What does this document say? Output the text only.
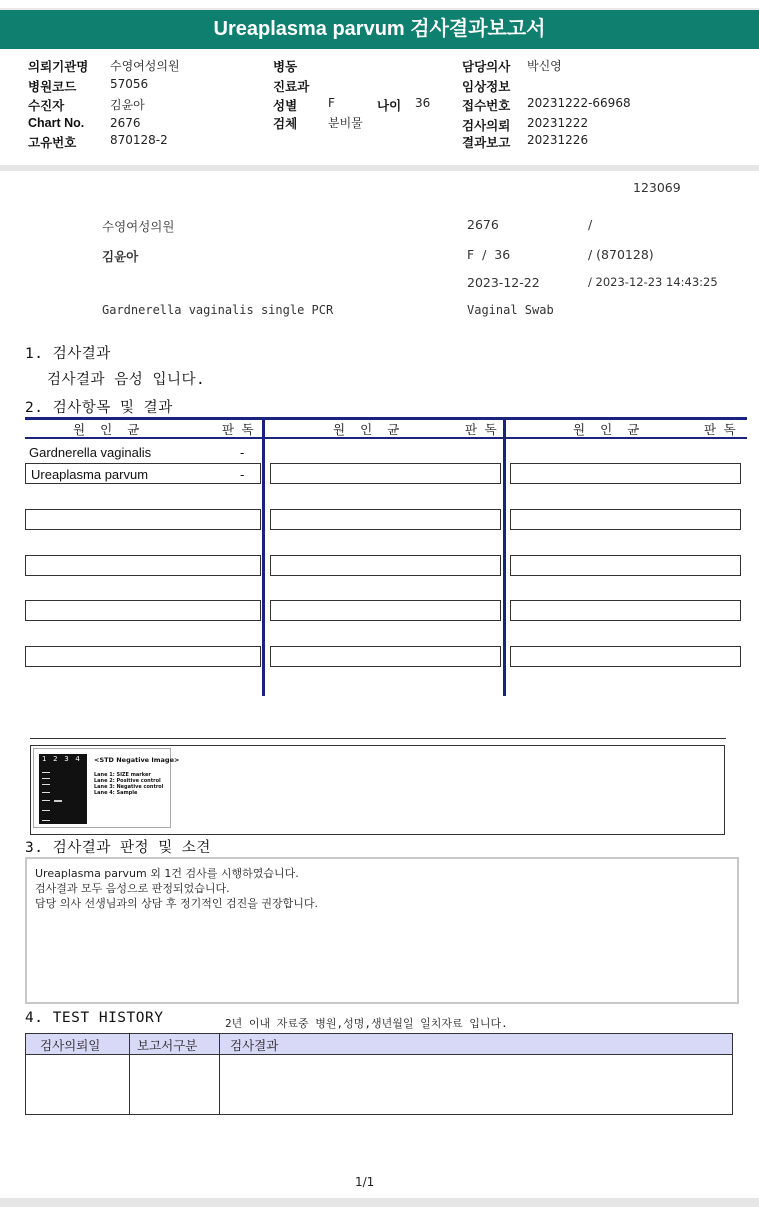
Ureaplasma parvum 검사결과보고서
의뢰기관명 수영여성의원
병원코드	57056
수진자	김윤아
Chart No. 2676
고유번호	870128-2
병동
진료과
성별	F	나이 36
검체	분비물
담당의사 박신영
임상정보
접수번호 20231222-66968
검사의뢰 20231222
결과보고 20231226
123069
수영여성의원	2676	/
김윤아	F  /  36	/ (870128)
2023-12-22	/ 2023-12-23 14:43:25
Gardnerella vaginalis single PCR	Vaginal Swab
1. 검사결과
검사결과 음성 입니다.
2. 검사항목 및 결과
원  인  균	판 독	원  인  균	판 독	원  인  균	판 독
Gardnerella vaginalis	-
Ureaplasma parvum	-
1   2   3   4 <STD Negative Image>
Lane 1: SIZE marker
Lane 2: Positive control
Lane 3: Negative control
Lane 4: Sample
3. 검사결과 판정 및 소견
Ureaplasma parvum 외 1건 검사를 시행하였습니다.
검사결과 모두 음성으로 판정되었습니다.
담당 의사 선생님과의 상담 후 정기적인 검진을 권장합니다.
4. TEST HISTORY	2년 이내 자료중 병원,성명,생년월일 일치자료 입니다.
검사의뢰일	보고서구분	검사결과
1/1
